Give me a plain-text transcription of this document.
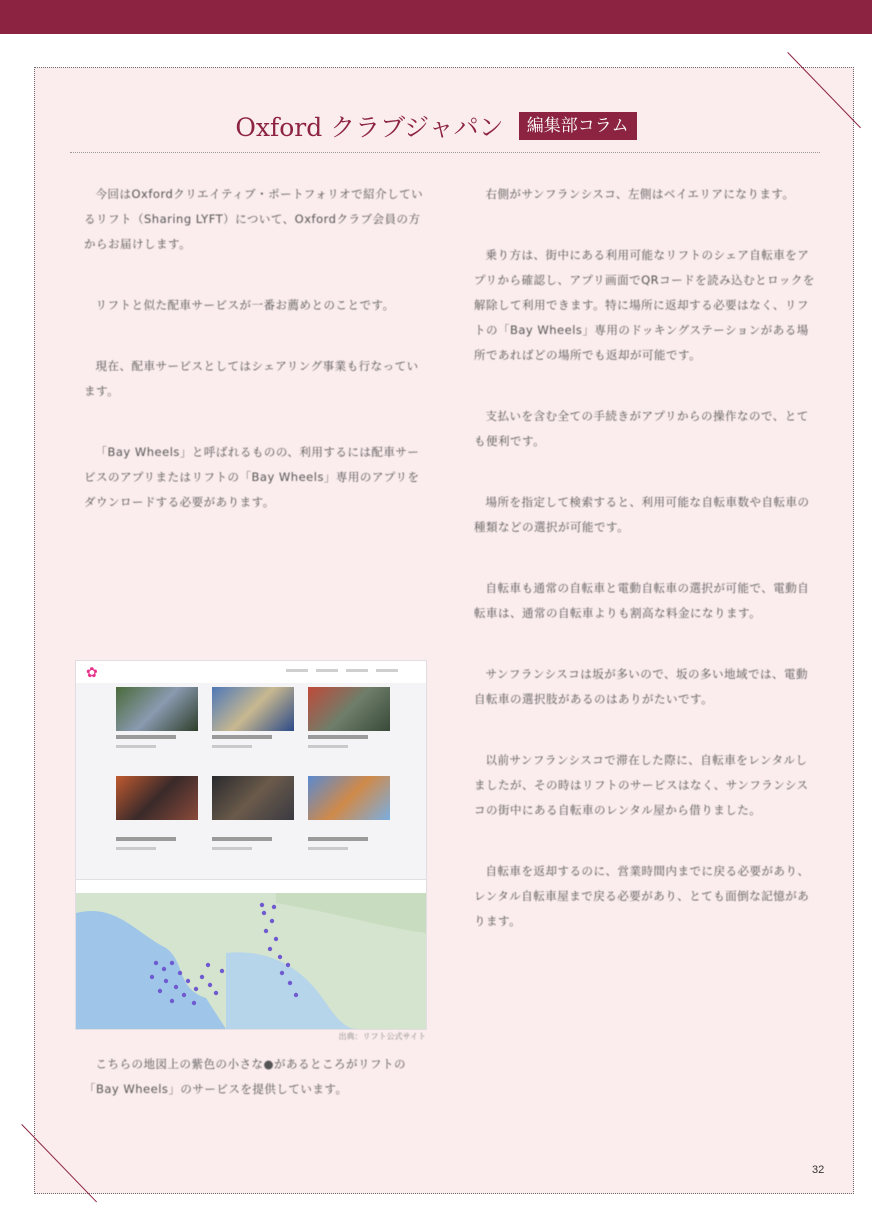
Oxford クラブジャパン 編集部コラム

今回はOxfordクリエイティブ・ポートフォリオで紹介しているリフト（Sharing LYFT）について、Oxfordクラブ会員の方からお届けします。

リフトと似た配車サービスが一番お薦めとのことです。

現在、配車サービスとしてはシェアリング事業も行なっています。

「Bay Wheels」と呼ばれるものの、利用するには配車サービスのアプリまたはリフトの「Bay Wheels」専用のアプリをダウンロードする必要があります。

✿
出典：リフト公式サイト

こちらの地図上の紫色の小さな●があるところがリフトの「Bay Wheels」のサービスを提供しています。

右側がサンフランシスコ、左側はベイエリアになります。

乗り方は、街中にある利用可能なリフトのシェア自転車をアプリから確認し、アプリ画面でQRコードを読み込むとロックを解除して利用できます。特に場所に返却する必要はなく、リフトの「Bay Wheels」専用のドッキングステーションがある場所であればどの場所でも返却が可能です。

支払いを含む全ての手続きがアプリからの操作なので、とても便利です。

場所を指定して検索すると、利用可能な自転車数や自転車の種類などの選択が可能です。

自転車も通常の自転車と電動自転車の選択が可能で、電動自転車は、通常の自転車よりも割高な料金になります。

サンフランシスコは坂が多いので、坂の多い地域では、電動自転車の選択肢があるのはありがたいです。

以前サンフランシスコで滞在した際に、自転車をレンタルしましたが、その時はリフトのサービスはなく、サンフランシスコの街中にある自転車のレンタル屋から借りました。

自転車を返却するのに、営業時間内までに戻る必要があり、レンタル自転車屋まで戻る必要があり、とても面倒な記憶があります。

32
